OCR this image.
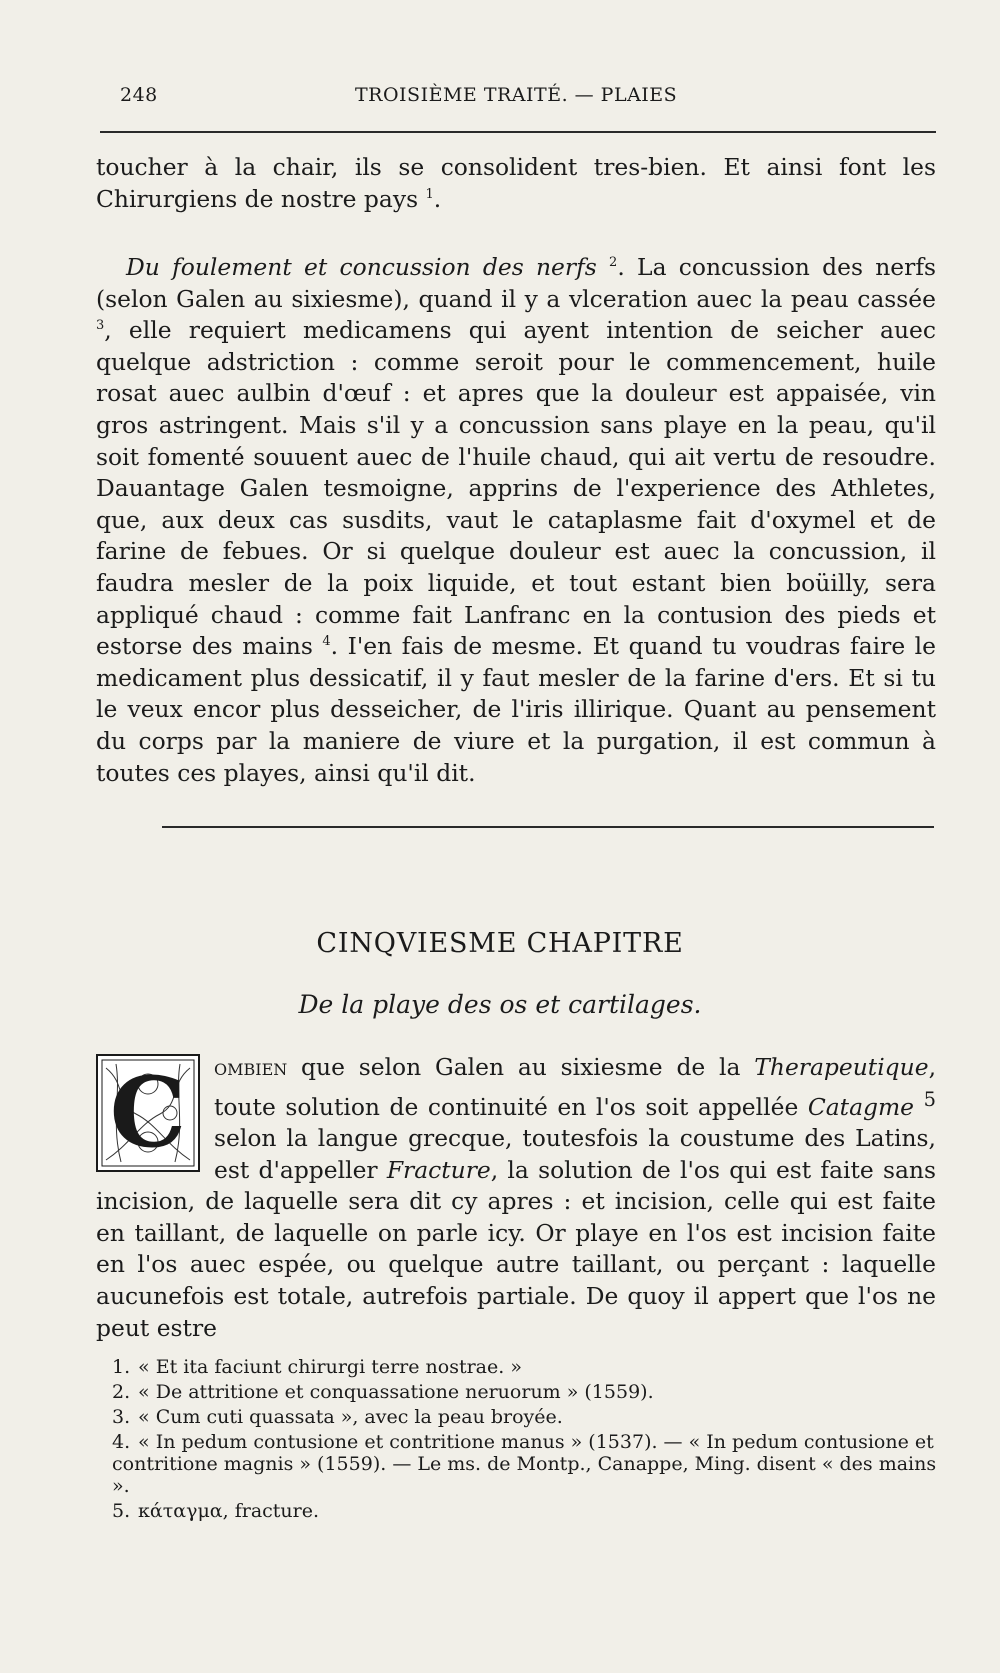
248	TROISIÈME TRAITÉ. — PLAIES

toucher à la chair, ils se consolident tres-bien. Et ainsi font les Chirurgiens de nostre pays $^1$.

Du foulement et concussion des nerfs $^2$. La concussion des nerfs (selon Galen au sixiesme), quand il y a vlceration auec la peau cassée $^3$, elle requiert medicamens qui ayent intention de seicher auec quelque adstriction : comme seroit pour le commencement, huile rosat auec aulbin d'œuf : et apres que la douleur est appaisée, vin gros astringent. Mais s'il y a concussion sans playe en la peau, qu'il soit fomenté souuent auec de l'huile chaud, qui ait vertu de resoudre. Dauantage Galen tesmoigne, apprins de l'experience des Athletes, que, aux deux cas susdits, vaut le cataplasme fait d'oxymel et de farine de febues. Or si quelque douleur est auec la concussion, il faudra mesler de la poix liquide, et tout estant bien boüilly, sera appliqué chaud : comme fait Lanfranc en la contusion des pieds et estorse des mains $^4$. I'en fais de mesme. Et quand tu voudras faire le medicament plus dessicatif, il y faut mesler de la farine d'ers. Et si tu le veux encor plus desseicher, de l'iris illirique. Quant au pensement du corps par la maniere de viure et la purgation, il est commun à toutes ces playes, ainsi qu'il dit.

CINQVIESME CHAPITRE
De la playe des os et cartilages.
C	ombien que selon Galen au sixiesme de la Therapeutique, toute solution de continuité en l'os soit appellée Catagme $^5$ selon la langue grecque, toutesfois la coustume des Latins, est d'appeller Fracture, la solution de l'os qui est faite sans incision, de laquelle sera dit cy apres : et incision, celle qui est faite en taillant, de laquelle on parle icy. Or playe en l'os est incision faite en l'os auec espée, ou quelque autre taillant, ou perçant : laquelle aucunefois est totale, autrefois partiale. De quoy il appert que l'os ne peut estre
1. « Et ita faciunt chirurgi terre nostrae. »
2. « De attritione et conquassatione neruorum » (1559).
3. « Cum cuti quassata », avec la peau broyée.
4. « In pedum contusione et contritione manus » (1537). — « In pedum contusione et contritione magnis » (1559). — Le ms. de Montp., Canappe, Ming. disent « des mains ».
5. κάταγμα, fracture.
